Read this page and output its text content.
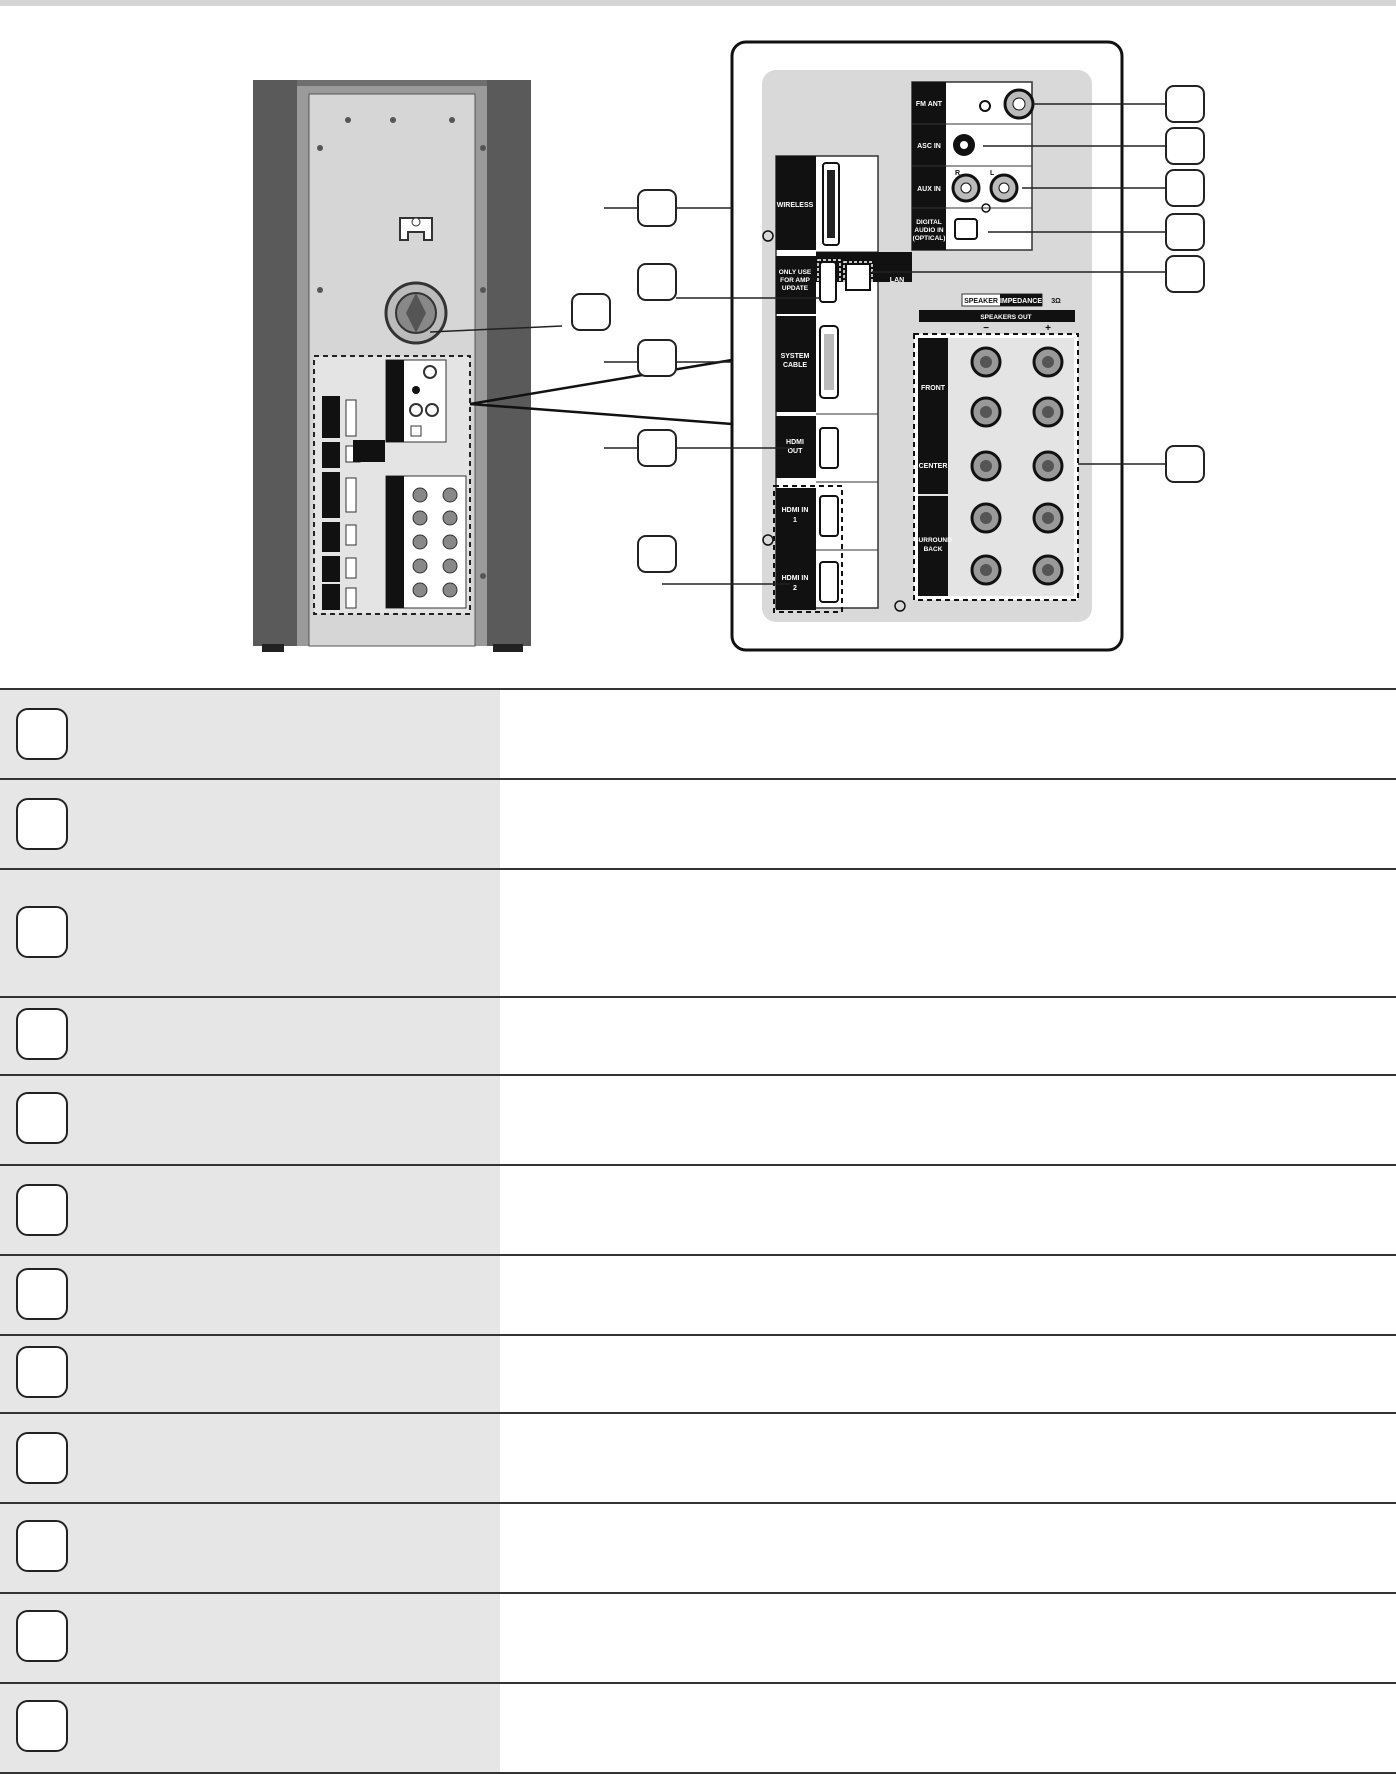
FM ANT
ASC IN
AUX IN
R	L
DIGITAL
AUDIO IN
(OPTICAL)
WIRELESS
ONLY USE
FOR AMP
UPDATE
LAN
SYSTEM
CABLE
HDMI
OUT
HDMI IN
1
HDMI IN
2
SPEAKER IMPEDANCE 3Ω
SPEAKERS OUT
−	+
FRONT
CENTER
SURROUND
BACK
